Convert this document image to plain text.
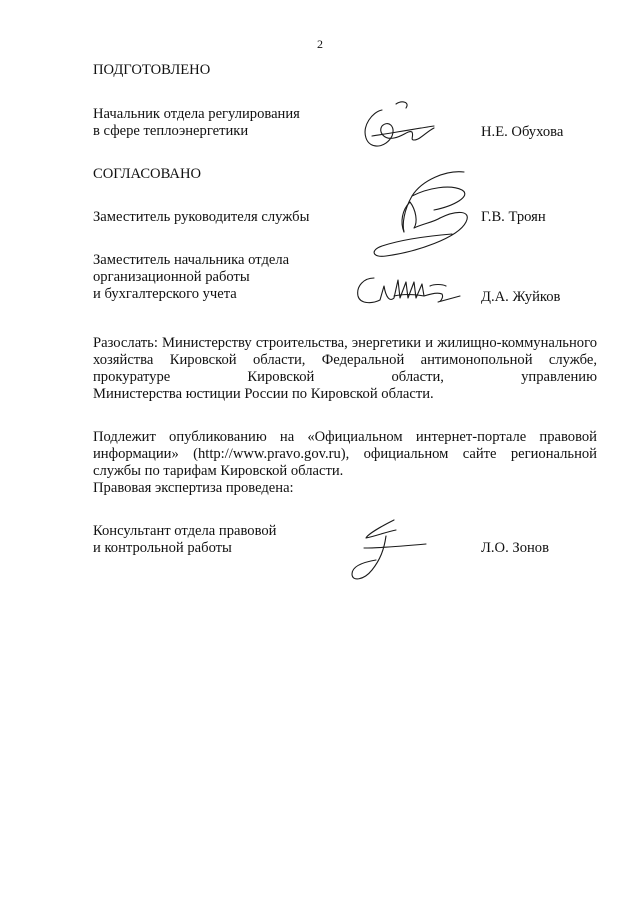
2
ПОДГОТОВЛЕНО
Начальник отдела регулирования
в сфере теплоэнергетики	Н.Е. Обухова
СОГЛАСОВАНО
Заместитель руководителя службы	Г.В. Троян
Заместитель начальника отдела
организационной работы
и бухгалтерского учета	Д.А. Жуйков
Разослать: Министерству строительства, энергетики и жилищно-коммунального хозяйства Кировской области, Федеральной антимонопольной службе, прокуратуре Кировской области, управлению
Министерства юстиции России по Кировской области.
Подлежит опубликованию на «Официальном интернет-портале правовой информации» (http://www.pravo.gov.ru), официальном сайте региональной службы по тарифам Кировской области.
Правовая экспертиза проведена:
Консультант отдела правовой
и контрольной работы	Л.О. Зонов
